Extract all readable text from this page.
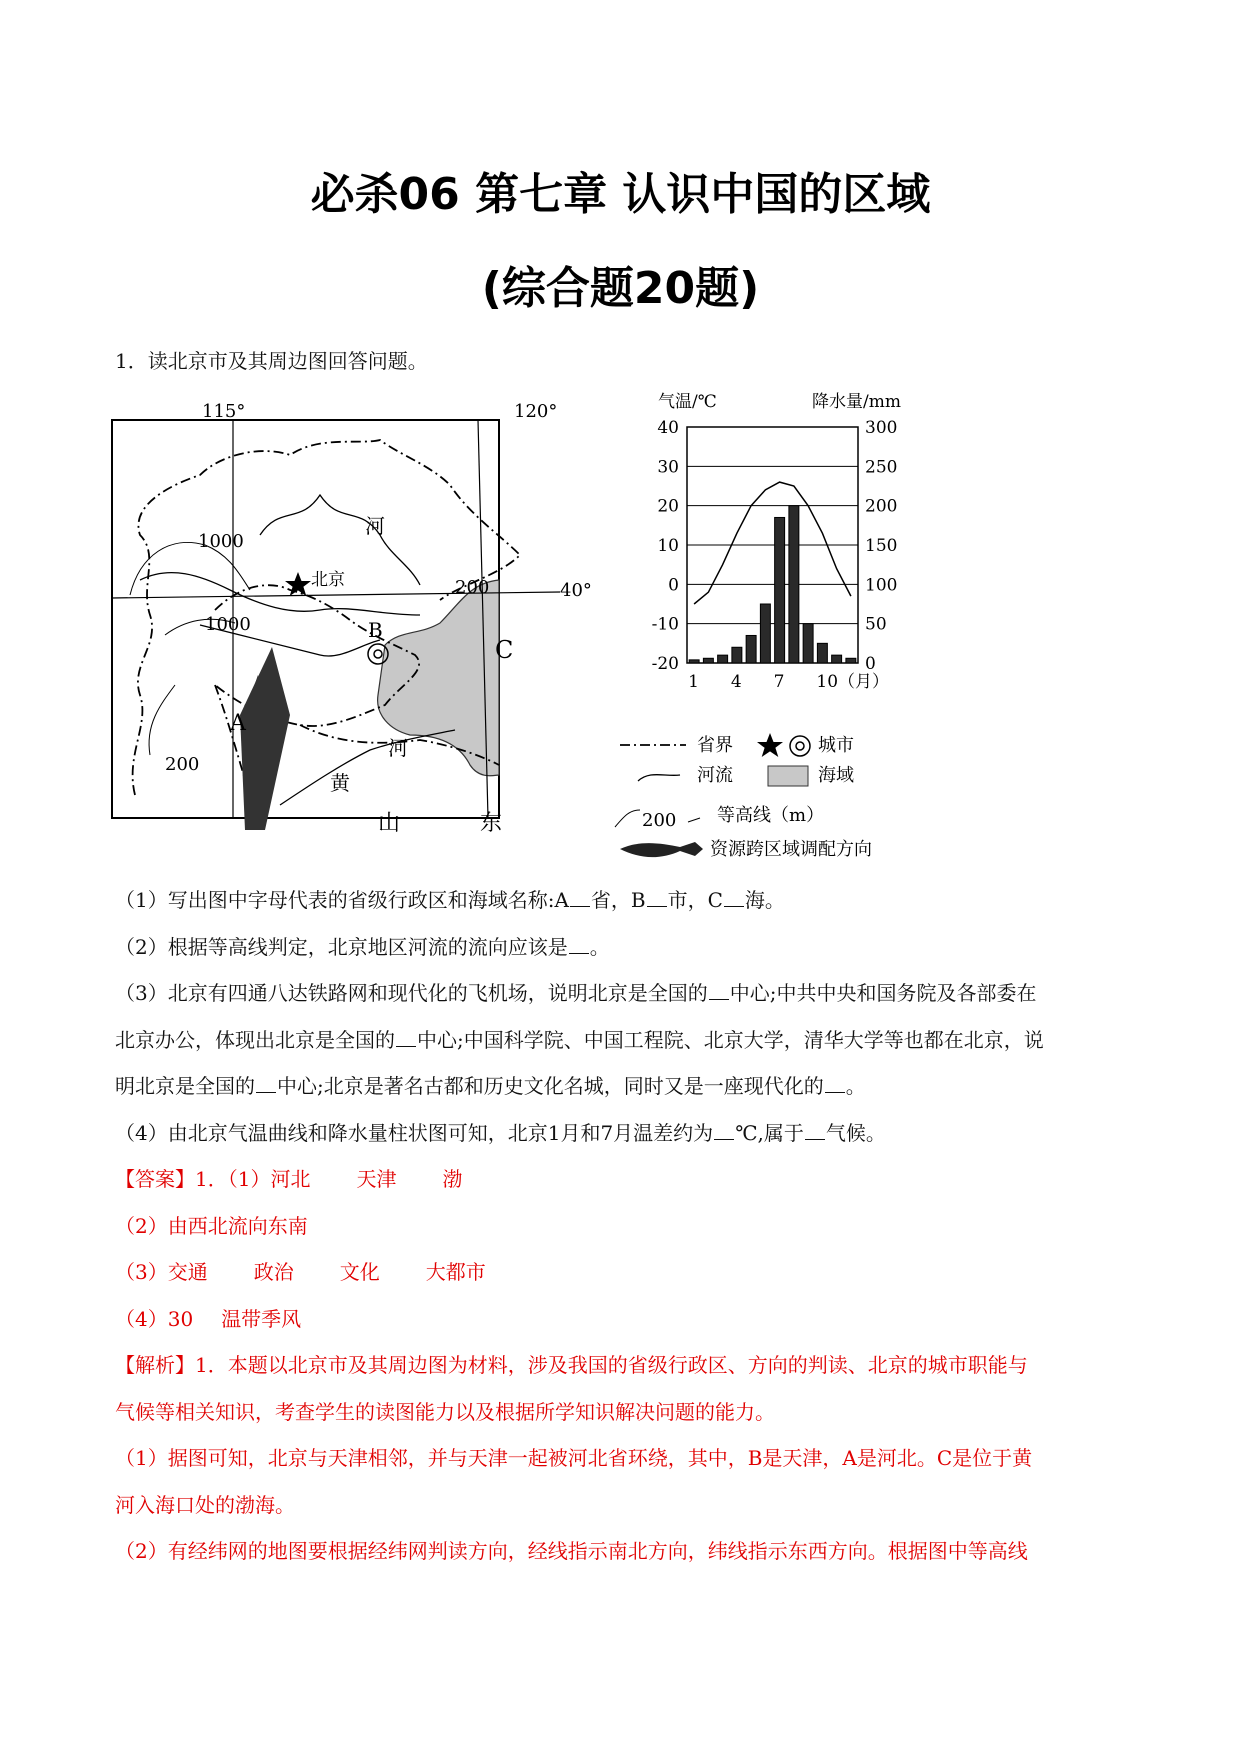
必杀06 第七章 认识中国的区域
(综合题20题)
1．读北京市及其周边图回答问题。
115°	120°
40°
1000
1000
200
200
河
北京
B
C
A
河
黄
山	东
气温/℃	降水量/mm
40
30
20
10
0
-10
-20
300
250
200
150
100
50
0
1 4 7 10（月）
省界	城市
河流	海域
200 等高线（m）
资源跨区域调配方向
（1）写出图中字母代表的省级行政区和海域名称:A 省，B 市，C 海。
（2）根据等高线判定，北京地区河流的流向应该是 。
（3）北京有四通八达铁路网和现代化的飞机场，说明北京是全国的 中心;中共中央和国务院及各部委在
北京办公，体现出北京是全国的 中心;中国科学院、中国工程院、北京大学，清华大学等也都在北京，说
明北京是全国的 中心;北京是著名古都和历史文化名城，同时又是一座现代化的 。
（4）由北京气温曲线和降水量柱状图可知，北京1月和7月温差约为 ℃,属于 气候。
【答案】1．（1）河北 天津 渤
（2）由西北流向东南
（3）交通 政治 文化 大都市
（4）30 温带季风
【解析】1．本题以北京市及其周边图为材料，涉及我国的省级行政区、方向的判读、北京的城市职能与
气候等相关知识，考查学生的读图能力以及根据所学知识解决问题的能力。
（1）据图可知，北京与天津相邻，并与天津一起被河北省环绕，其中，B是天津，A是河北。C是位于黄
河入海口处的渤海。
（2）有经纬网的地图要根据经纬网判读方向，经线指示南北方向，纬线指示东西方向。根据图中等高线
